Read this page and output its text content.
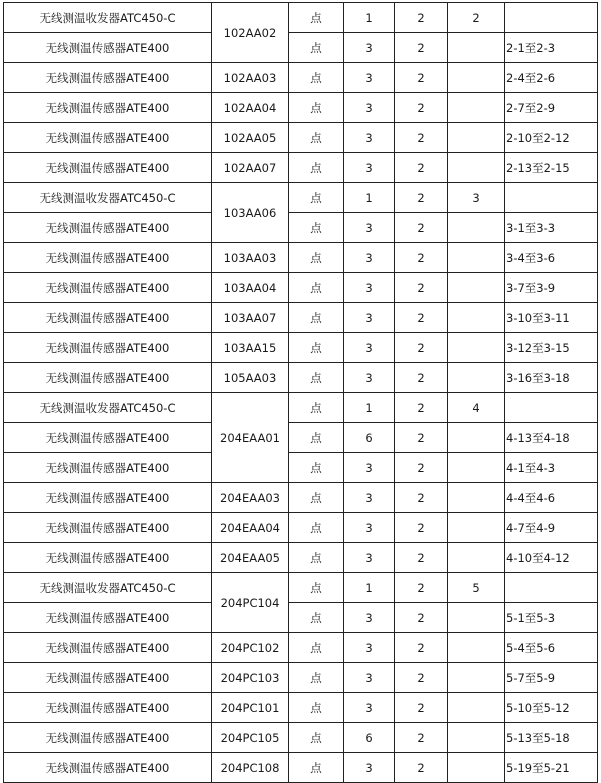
无线测温收发器ATC450-C	102AA02	点	1	2	2	
无线测温传感器ATE400		点	3	2		2-1至2-3
无线测温传感器ATE400	102AA03	点	3	2		2-4至2-6
无线测温传感器ATE400	102AA04	点	3	2		2-7至2-9
无线测温传感器ATE400	102AA05	点	3	2		2-10至2-12
无线测温传感器ATE400	102AA07	点	3	2		2-13至2-15
无线测温收发器ATC450-C	103AA06	点	1	2	3	
无线测温传感器ATE400		点	3	2		3-1至3-3
无线测温传感器ATE400	103AA03	点	3	2		3-4至3-6
无线测温传感器ATE400	103AA04	点	3	2		3-7至3-9
无线测温传感器ATE400	103AA07	点	3	2		3-10至3-11
无线测温传感器ATE400	103AA15	点	3	2		3-12至3-15
无线测温传感器ATE400	105AA03	点	3	2		3-16至3-18
无线测温收发器ATC450-C	204EAA01	点	1	2	4	
无线测温传感器ATE400		点	6	2		4-13至4-18
无线测温传感器ATE400		点	3	2		4-1至4-3
无线测温传感器ATE400	204EAA03	点	3	2		4-4至4-6
无线测温传感器ATE400	204EAA04	点	3	2		4-7至4-9
无线测温传感器ATE400	204EAA05	点	3	2		4-10至4-12
无线测温收发器ATC450-C	204PC104	点	1	2	5	
无线测温传感器ATE400		点	3	2		5-1至5-3
无线测温传感器ATE400	204PC102	点	3	2		5-4至5-6
无线测温传感器ATE400	204PC103	点	3	2		5-7至5-9
无线测温传感器ATE400	204PC101	点	3	2		5-10至5-12
无线测温传感器ATE400	204PC105	点	6	2		5-13至5-18
无线测温传感器ATE400	204PC108	点	3	2		5-19至5-21
